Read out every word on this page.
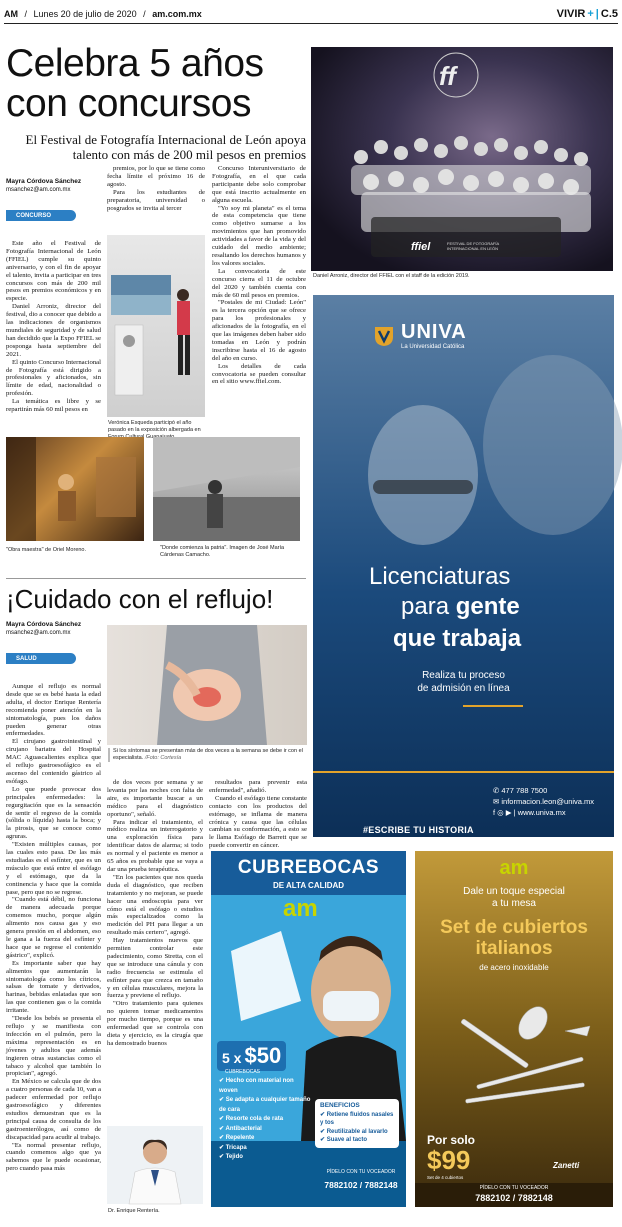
AM / Lunes 20 de julio de 2020 / am.com.mx	VIVIR + | C.5
Celebra 5 años con concursos
El Festival de Fotografía Internacional de León apoya talento con más de 200 mil pesos en premios
ff
ffiel	FESTIVAL DE FOTOGRAFÍA INTERNACIONAL EN LEÓN
Daniel Arroniz, director del FFIEL con el staff de la edición 2019.
Mayra Córdova Sánchez
msanchez@am.com.mx
CONCURSO

Este año el Festival de Fotografía Internacional de León (FFIEL) cumple su quinto aniversario, y con el fin de apoyar el talento, invita a participar en tres concursos con más de 200 mil pesos en premios económicos y en especie.

Daniel Arroniz, director del festival, dio a conocer que debido a las indicaciones de organismos mundiales de seguridad y de salud han decidido que la Expo FFIEL se posponga hasta septiembre del 2021.

El quinto Concurso Internacional de Fotografía está dirigido a profesionales y aficionados, sin límite de edad, nacionalidad o profesión.

La temática es libre y se repartirán más 60 mil pesos en

premios, por lo que se tiene como fecha límite el próximo 16 de agosto.

Para los estudiantes de preparatoria, universidad o posgrados se invita al tercer

Verónica Esqueda participó el año pasado en la exposición albergada en

Concurso Interuniversitario de Fotografía, en el que cada participante debe solo comprobar que está inscrito actualmente en alguna escuela.

"Yo soy mi planeta" es el tema de esta competencia que tiene como objetivo sumarse a los movimientos que han promovido actividades a favor de la vida y del cuidado del medio ambiente; resaltando los derechos humanos y los valores sociales.

La convocatoria de este concurso cierra el 11 de octubre del 2020 y también cuenta con más de 60 mil pesos en premios.

"Postales de mi Ciudad: León" es la tercera opción que se ofrece para los profesionales y aficionados de la fotografía, en el que las imágenes deben haber sido tomadas en León y podrán inscribirse hasta el 16 de agosto del año en curso.

Los detalles de cada convocatoria se pueden consultar en el sitio www.ffiel.com.

"Obra maestra" de Oriel Moreno.	"Donde comienza la patria". Imagen de José María Cárdenas Camacho.
¡Cuidado con el reflujo!
Mayra Córdova Sánchez
msanchez@am.com.mx
SALUD
Si los síntomas se presentan más de dos veces a la semana se debe ir con el especialista. /Foto: Cortesía

Aunque el reflujo es normal desde que se es bebé hasta la edad adulta, el doctor Enrique Rentería recomienda poner atención en la sintomatología, pues los daños pueden generar otras enfermedades.

El cirujano gastrointestinal y cirujano bariatra del Hospital MAC Aguascalientes explica que el reflujo gastroesofágico es el ascenso del contenido gástrico al esófago.

Lo que puede provocar dos principales enfermedades: la regurgitación que es la sensación de sentir el regreso de la comida (sólida o líquida) hasta la boca; y la pirosis, que se conoce como agruras.

"Existen múltiples causas, por las cuales esto pasa. De las más estudiadas es el esfínter, que es un músculo que está entre el esófago y el estómago, que da la continencia y hace que la comida pase, pero que no se regrese.

"Cuando está débil, no funciona de manera adecuada porque comemos mucho, porque algún alimento nos causa gas y eso genera presión en el abdomen, eso le gana a la fuerza del esfínter y hace que se regrese el contenido gástrico", explicó.

Es importante saber que hay alimentos que aumentarán la sintomatología como los cítricos, salsas de tomate y derivados, harinas, bebidas enlatadas que son las que contienen gas o la comida irritante.

"Desde los bebés se presenta el reflujo y se manifiesta con infección en el pulmón, pero la máxima representación es en jóvenes y adultos que además ingieren otras sustancias como el tabaco y alcohol que también lo propician", agregó.

En México se calcula que de dos a cuatro personas de cada 10, van a padecer enfermedad por reflujo gastroesofágico y diferentes estudios demuestran que es la principal causa de consulta de los gastroenterólogos, así como de discapacidad para acudir al trabajo.

"Es normal presentar reflujo, cuando comemos algo que ya sabemos que le puede ocasionar, pero cuando pasa más

de dos veces por semana y se levanta por las noches con falta de aire, es importante buscar a un médico para el diagnóstico oportuno", señaló.

Para indicar el tratamiento, el médico realiza un interrogatorio y una exploración física para identificar datos de alarma; si todo es normal y el paciente es menor a 65 años es probable que se vaya a dar una prueba terapéutica.

"En los pacientes que nos queda duda el diagnóstico, que reciben tratamiento y no mejoran, se puede hacer una endoscopia para ver cómo está el esófago o estudios más especializados como la medición del PH para llegar a un resultado más certero", agregó.

Hay tratamientos nuevos que permiten controlar este padecimiento, como Stretta, con el que se introduce una cánula y con radio frecuencia se estimula el esfínter para que crezca en tamaño y en células musculares, mejora la fuerza y previene el reflujo.

"Otro tratamiento para quienes no quieren tomar medicamentos por mucho tiempo, porque es una enfermedad que se controla con dieta y ejercicio, es la cirugía que ha demostrado buenos

resultados para prevenir esta enfermedad", añadió.

Cuando el esófago tiene constante contacto con los productos del estómago, se inflama de manera crónica y causa que las células cambian su conformación, a esto se le llama Esófago de Barrett que se puede convertir en cáncer.

Dr. Enrique Rentería.
UNIVA
La Universidad Católica
Licenciaturas
para gente
que trabaja
Realiza tu proceso
de admisión en línea
#ESCRIBE TU HISTORIA
✆ 477 788 7500
✉ informacion.leon@univa.mx
f ◎ ▶ | www.univa.mx
CUBREBOCAS
DE ALTA CALIDAD
am
5 x $50
CUBREBOCAS
✔ Hecho con material non woven
✔ Se adapta a cualquier tamaño de cara
✔ Resorte cola de rata
✔ Antibacterial
✔ Repelente
✔ Tricapa
✔ Tejido
BENEFICIOS
✔ Retiene fluidos nasales y tos
✔ Reutilizable al lavarlo
✔ Suave al tacto
PÍDELO CON TU VOCEADOR
7882102 / 7882148
am
Dale un toque especial
a tu mesa
Set de cubiertos
italianos
de acero inoxidable
Por solo
$99
Set de 4 cubiertos
Zanetti
PÍDELO CON TU VOCEADOR
7882102 / 7882148
